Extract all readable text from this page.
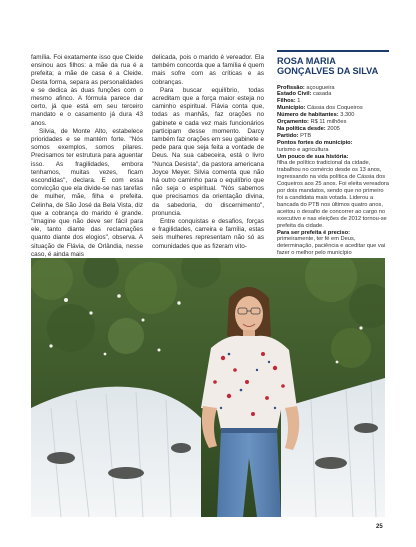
família. Foi exatamente isso que Cleide ensinou aos filhos: a mãe da rua é a prefeita; a mãe de casa é a Cleide. Desta forma, separa as personalidades e se dedica às duas funções com o mesmo afinco. A fórmula parece dar certo, já que está em seu terceiro mandato e o casamento já dura 43 anos.

Silvia, de Monte Alto, estabelece prioridades e se mantém forte. "Nós somos exemplos, somos pilares. Precisamos ter estrutura para aguentar isso. As fragilidades, embora tenhamos, muitas vezes, ficam escondidas", declara. E com essa convicção que ela divide-se nas tarefas de mulher, mãe, filha e prefeita. Celinha, de São José da Bela Vista, diz que a cobrança do marido é grande. "Imagine que não deve ser fácil para ele, tanto diante das reclamações quanto diante dos elogios", observa. A situação de Flávia, de Orlândia, nesse caso, é ainda mais

delicada, pois o marido é vereador. Ela também concorda que a família é quem mais sofre com as críticas e as cobranças.

Para buscar equilíbrio, todas acreditam que a força maior esteja no caminho espiritual. Flávia conta que, todas as manhãs, faz orações no gabinete e cada vez mais funcionários participam desse momento. Darcy também faz orações em seu gabinete e pede para que seja feita a vontade de Deus. Na sua cabeceira, está o livro "Nunca Desista", da pastora americana Joyce Meyer. Silvia comenta que não há outro caminho para o equilíbrio que não seja o espiritual. "Nós sabemos que precisamos da orientação divina, da sabedoria, do discernimento", pronuncia.

Entre conquistas e desafios, forças e fragilidades, carreira e família, estas seis mulheres representam não só as comunidades que as fizeram vito-

ROSA MARIA GONÇALVES DA SILVA
Profissão: açougueira
Estado Civil: casada
Filhos: 1
Município: Cássia dos Coqueiros
Número de habitantes: 3.300
Orçamento: R$ 11 milhões
Na política desde: 2005
Partido: PTB
Pontos fortes do município:
turismo e agricultura
Um pouco de sua história:
filha de político tradicional da cidade, trabalhou no comércio desde os 13 anos, ingressando na vida política de Cássia dos Coqueiros aos 25 anos. Foi eleita vereadora por dois mandatos, sendo que no primeiro foi a candidata mais votada. Liderou a bancada do PTB nos últimos quatro anos, aceitou o desafio de concorrer ao cargo no executivo e nas eleições de 2012 tornou-se prefeita da cidade.
Para ser prefeita é preciso:
primeiramente, ter fé em Deus, determinação, paciência e aceditar que vai fazer o melhor pelo município
25
